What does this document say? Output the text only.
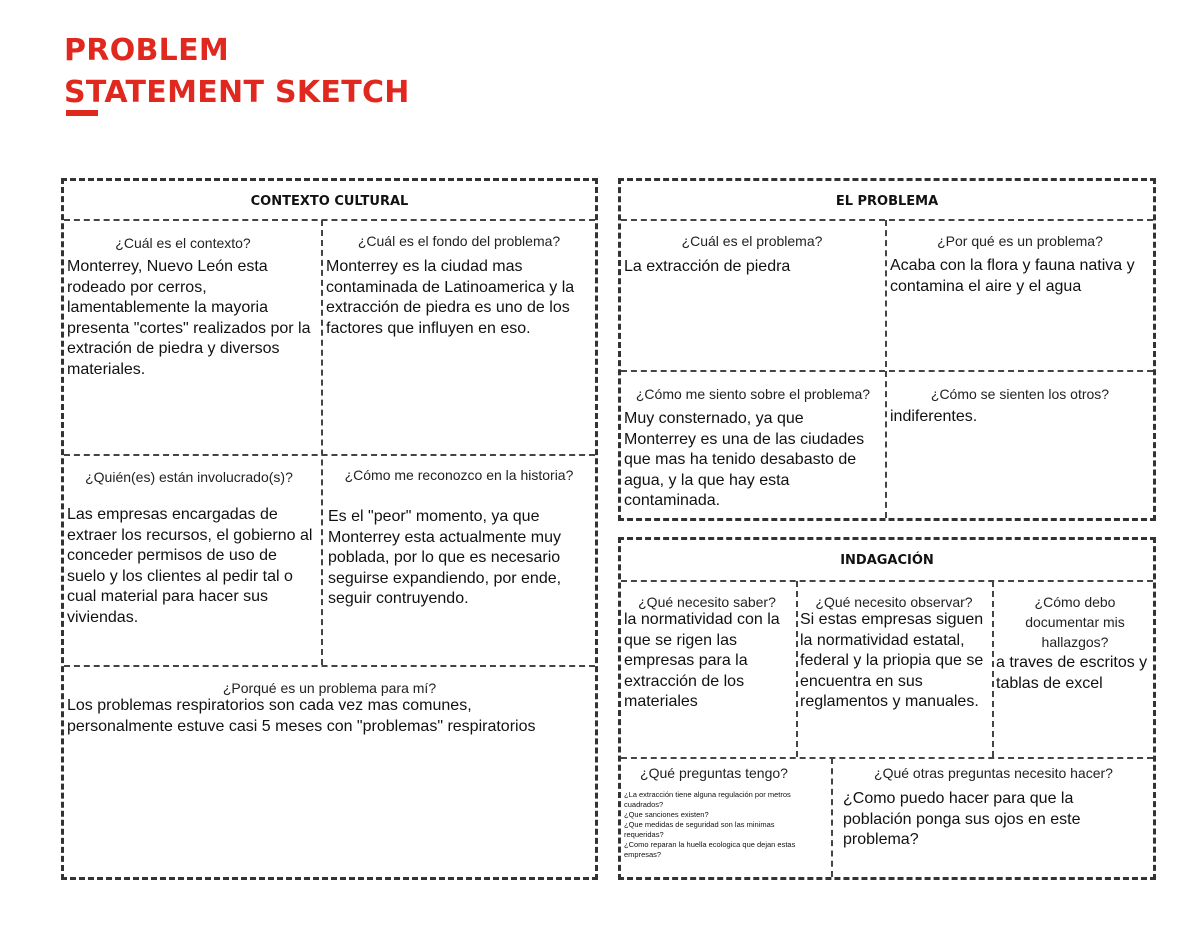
PROBLEM
STATEMENT SKETCH
CONTEXTO CULTURAL
¿Cuál es el contexto?
Monterrey, Nuevo León esta rodeado por cerros, lamentablemente la mayoria presenta "cortes" realizados por la extración de piedra y diversos materiales.
¿Cuál es el fondo del problema?
Monterrey es la ciudad mas contaminada de Latinoamerica y la extracción de piedra es uno de los factores que influyen en eso.
¿Quién(es) están involucrado(s)?
Las empresas encargadas de extraer los recursos, el gobierno al conceder permisos de uso de suelo y los clientes al pedir tal o cual material para hacer sus viviendas.
¿Cómo me reconozco en la historia?
Es el "peor" momento, ya que Monterrey esta actualmente muy poblada, por lo que es necesario seguirse expandiendo, por ende, seguir contruyendo.
¿Porqué es un problema para mí?
Los problemas respiratorios son cada vez mas comunes, personalmente estuve casi 5 meses con "problemas" respiratorios
EL PROBLEMA
¿Cuál es el problema?
La extracción de piedra
¿Por qué es un problema?
Acaba con la flora y fauna nativa y contamina el aire y el agua
¿Cómo me siento sobre el problema?
Muy consternado, ya que Monterrey es una de las ciudades que mas ha tenido desabasto de agua, y la que hay esta contaminada.
¿Cómo se sienten los otros?
indiferentes.
INDAGACIÓN
¿Qué necesito saber?
la normatividad con la que se rigen las empresas para la extracción de los materiales
¿Qué necesito observar?
Si estas empresas siguen la normatividad estatal, federal y la priopia que se encuentra en sus reglamentos y manuales.
¿Cómo debo documentar mis hallazgos?
a traves de escritos y tablas de excel
¿Qué preguntas tengo?
¿La extracción tiene alguna regulación por metros cuadrados?
¿Que sanciones existen?
¿Que medidas de seguridad son las minimas requeridas?
¿Como reparan la huella ecologica que dejan estas empresas?
¿Qué otras preguntas necesito hacer?
¿Como puedo hacer para que la población ponga sus ojos en este problema?
